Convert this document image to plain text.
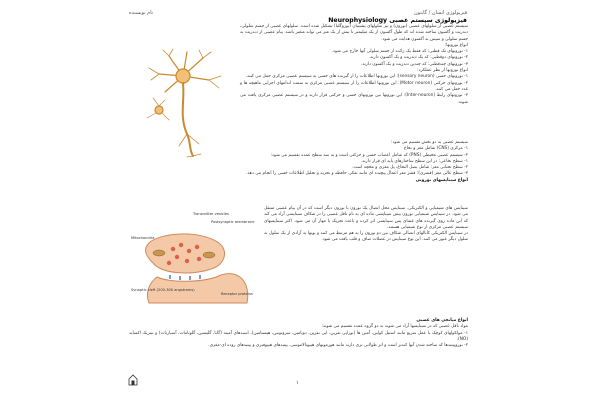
فیزیولوژی انسان / گایتون
نام نویسنده
Neurophysiology فیزیولوژی سیستم عصبی

سیستم عصبی از سلولهای عصبی (نورون) و نیز سلولهای پشتیبان (نوروگلیا) تشکیل شده است. سلولهای عصبی از جسم سلولی، دندریت و آکسون ساخته شده اند که طول آکسون از یک میلیمتر تا بیش از یک متر می تواند متغیر باشد. پیام عصبی از دندریت به جسم سلولی و سپس به آکسون هدایت می شود.

انواع نورونها:

۱- نورونهای تک قطبی: که فقط یک زائده از جسم سلولی آنها خارج می شود.

۲- نورونهای دوقطبی: که یک دندریت و یک آکسون دارند.

۳- نورونهای چندقطبی: که چندین دندریت و یک آکسون دارند.

انواع نورونها از نظر عملکرد:

۱- نورونهای حسی (sensory neuron): این نورونها اطلاعات را از گیرنده های حسی به سیستم عصبی مرکزی حمل می کنند.

۲- نورونهای حرکتی (Motor neuron): این نورونها اطلاعات را از سیستم عصبی مرکزی به سمت اندامهای اجرایی ماهیچه ها و غدد حمل می کنند.

۳- نورونهای رابط (Inter-neuron): این نورونها بین نورونهای حسی و حرکتی قرار دارند و در سیستم عصبی مرکزی یافت می شوند.

سیستم عصبی به دو بخش تقسیم می شود:

۱- مرکزی (CNS) شامل مغز و نخاع

۲- سیستم عصبی محیطی (PNS) که شامل اعصاب حسی و حرکتی است و به سه سطح عمده تقسیم می شود:

۱- سطح نخاعی: در این سطح ساختارهای پایه ای قرار دارند.

۲- سطح تحتانی مغز: شامل بصل النخاع، پل مغزی و مخچه است.

۳- سطح عالی مغز (قشری): قشر مغز اعمال پیچیده ای مانند تفکر، حافظه و تجزیه و تحلیل اطلاعات حسی را انجام می دهد.

انواع سیناپسهای نورونی

Transmitter vesicles
Postsynaptic membrane
Mitochondria
Synaptic cleft (200-300 angstroms)
Receptor proteins

سیناپس های شیمیایی و الکتریکی. سیناپس محل اتصال یک نورون با نورون دیگر است که در آن پیام عصبی منتقل می شود. در سیناپس شیمیایی نورون پیش سیناپسی ماده ای به نام ناقل عصبی را در شکاف سیناپسی آزاد می کند که این ماده روی گیرنده های غشای پس سیناپسی اثر کرده و باعث تحریک یا مهار آن می شود. اکثر سیناپسهای سیستم عصبی مرکزی از نوع شیمیایی هستند.

در سیناپس الکتریکی کانالهای اتصالی شکاف بین دو نورون را به هم مرتبط می کنند و یونها به آزادی از یک سلول به سلول دیگر عبور می کنند. این نوع سیناپس در عضلات صاف و قلب یافت می شود.

انواع میانجی های عصبی

مواد ناقل عصبی که در سیناپسها آزاد می شوند به دو گروه عمده تقسیم می شوند:

۱- مولکولهای کوچک با عمل سریع مانند استیل کولین، آمین ها (نوراپی نفرین، اپی نفرین، دوپامین، سروتونین، هیستامین)، اسیدهای آمینه (گابا، گلیسین، گلوتامات، آسپارتات) و نیتریک اکساید (NO).

۲- نوروپپتیدها که ساخته شدن آنها کندتر است و اثر طولانی تری دارند مانند هورمونهای هیپوتالاموسی، پپتیدهای هیپوفیزی و پپتیدهای روده ای-مغزی.

۱
